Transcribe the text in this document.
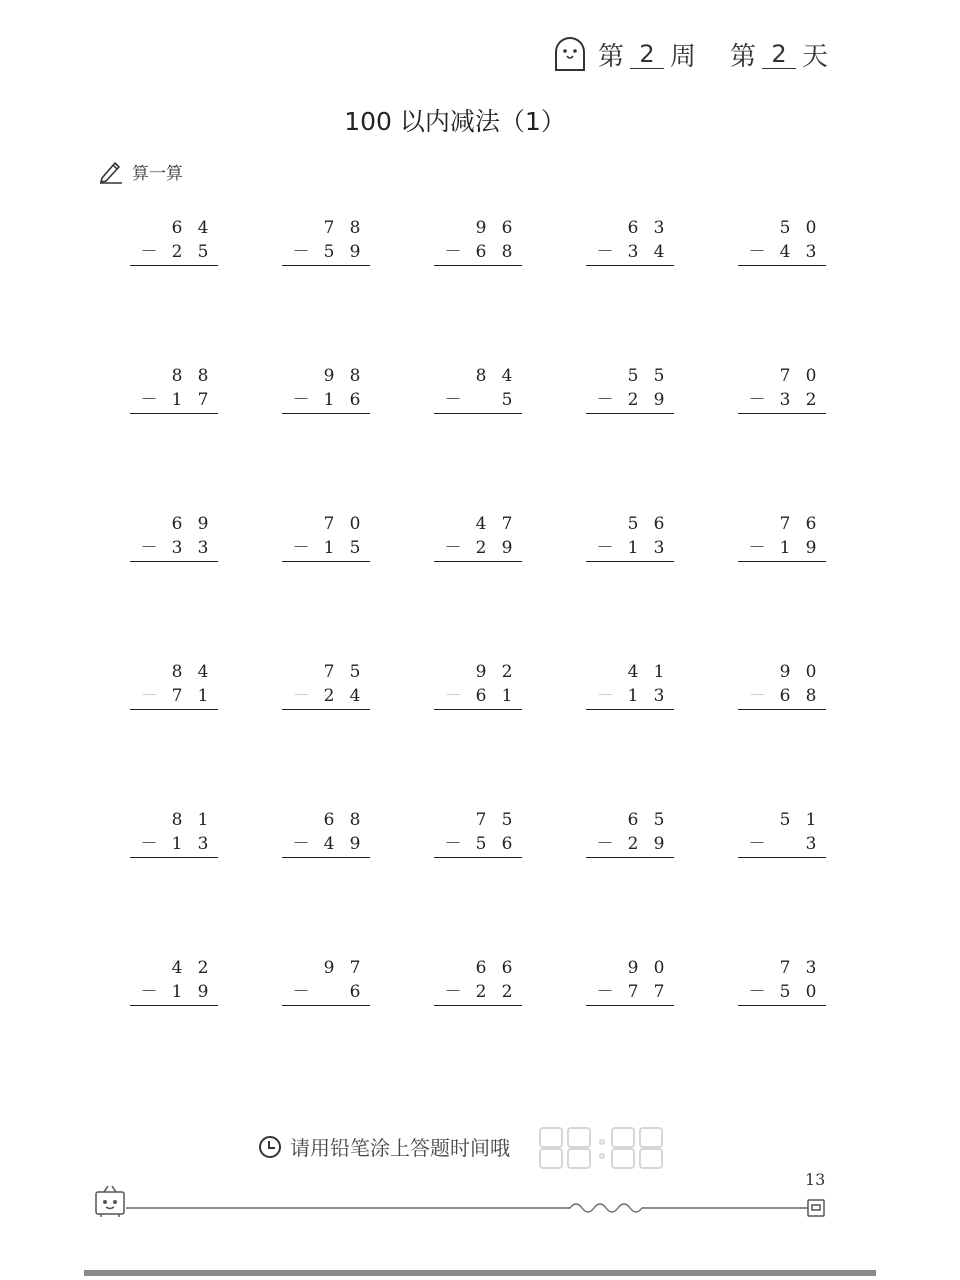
第 2 周 第 2 天
100 以内减法（1）
算一算
6 4
－ 2 5
7 8
－ 5 9
9 6
－ 6 8
6 3
－ 3 4
5 0
－ 4 3
8 8
－ 1 7
9 8
－ 1 6
8 4
－ 5
5 5
－ 2 9
7 0
－ 3 2
6 9
－ 3 3
7 0
－ 1 5
4 7
－ 2 9
5 6
－ 1 3
7 6
－ 1 9
8 4
－ 7 1
7 5
－ 2 4
9 2
－ 6 1
4 1
－ 1 3
9 0
－ 6 8
8 1
－ 1 3
6 8
－ 4 9
7 5
－ 5 6
6 5
－ 2 9
5 1
－ 3
4 2
－ 1 9
9 7
－ 6
6 6
－ 2 2
9 0
－ 7 7
7 3
－ 5 0
请用铅笔涂上答题时间哦
13
